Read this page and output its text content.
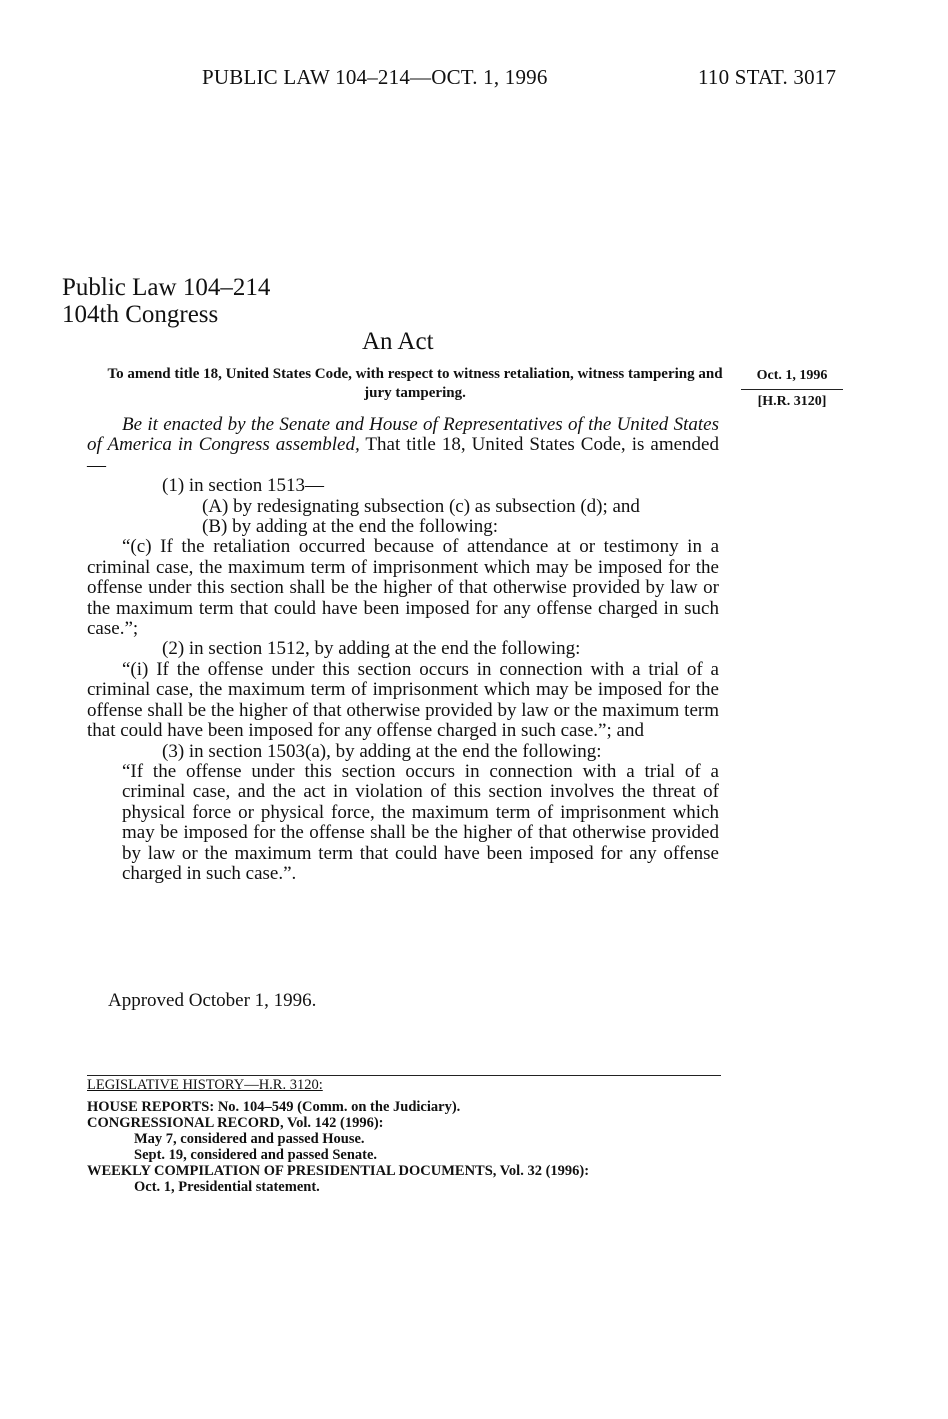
PUBLIC LAW 104–214—OCT. 1, 1996	110 STAT. 3017
Public Law 104–214
104th Congress
An Act
To amend title 18, United States Code, with respect to witness retaliation, witness tampering and jury tampering.
Oct. 1, 1996
[H.R. 3120]

Be it enacted by the Senate and House of Representatives of the United States of America in Congress assembled, That title 18, United States Code, is amended—

(1) in section 1513—

(A) by redesignating subsection (c) as subsection (d); and

(B) by adding at the end the following:

“(c) If the retaliation occurred because of attendance at or testimony in a criminal case, the maximum term of imprisonment which may be imposed for the offense under this section shall be the higher of that otherwise provided by law or the maximum term that could have been imposed for any offense charged in such case.”;

(2) in section 1512, by adding at the end the following:

“(i) If the offense under this section occurs in connection with a trial of a criminal case, the maximum term of imprisonment which may be imposed for the offense shall be the higher of that otherwise provided by law or the maximum term that could have been imposed for any offense charged in such case.”; and

(3) in section 1503(a), by adding at the end the following:

“If the offense under this section occurs in connection with a trial of a criminal case, and the act in violation of this section involves the threat of physical force or physical force, the maximum term of imprisonment which may be imposed for the offense shall be the higher of that otherwise provided by law or the maximum term that could have been imposed for any offense charged in such case.”.

Approved October 1, 1996.
LEGISLATIVE HISTORY—H.R. 3120:
HOUSE REPORTS: No. 104–549 (Comm. on the Judiciary).
CONGRESSIONAL RECORD, Vol. 142 (1996):
May 7, considered and passed House.
Sept. 19, considered and passed Senate.
WEEKLY COMPILATION OF PRESIDENTIAL DOCUMENTS, Vol. 32 (1996):
Oct. 1, Presidential statement.
